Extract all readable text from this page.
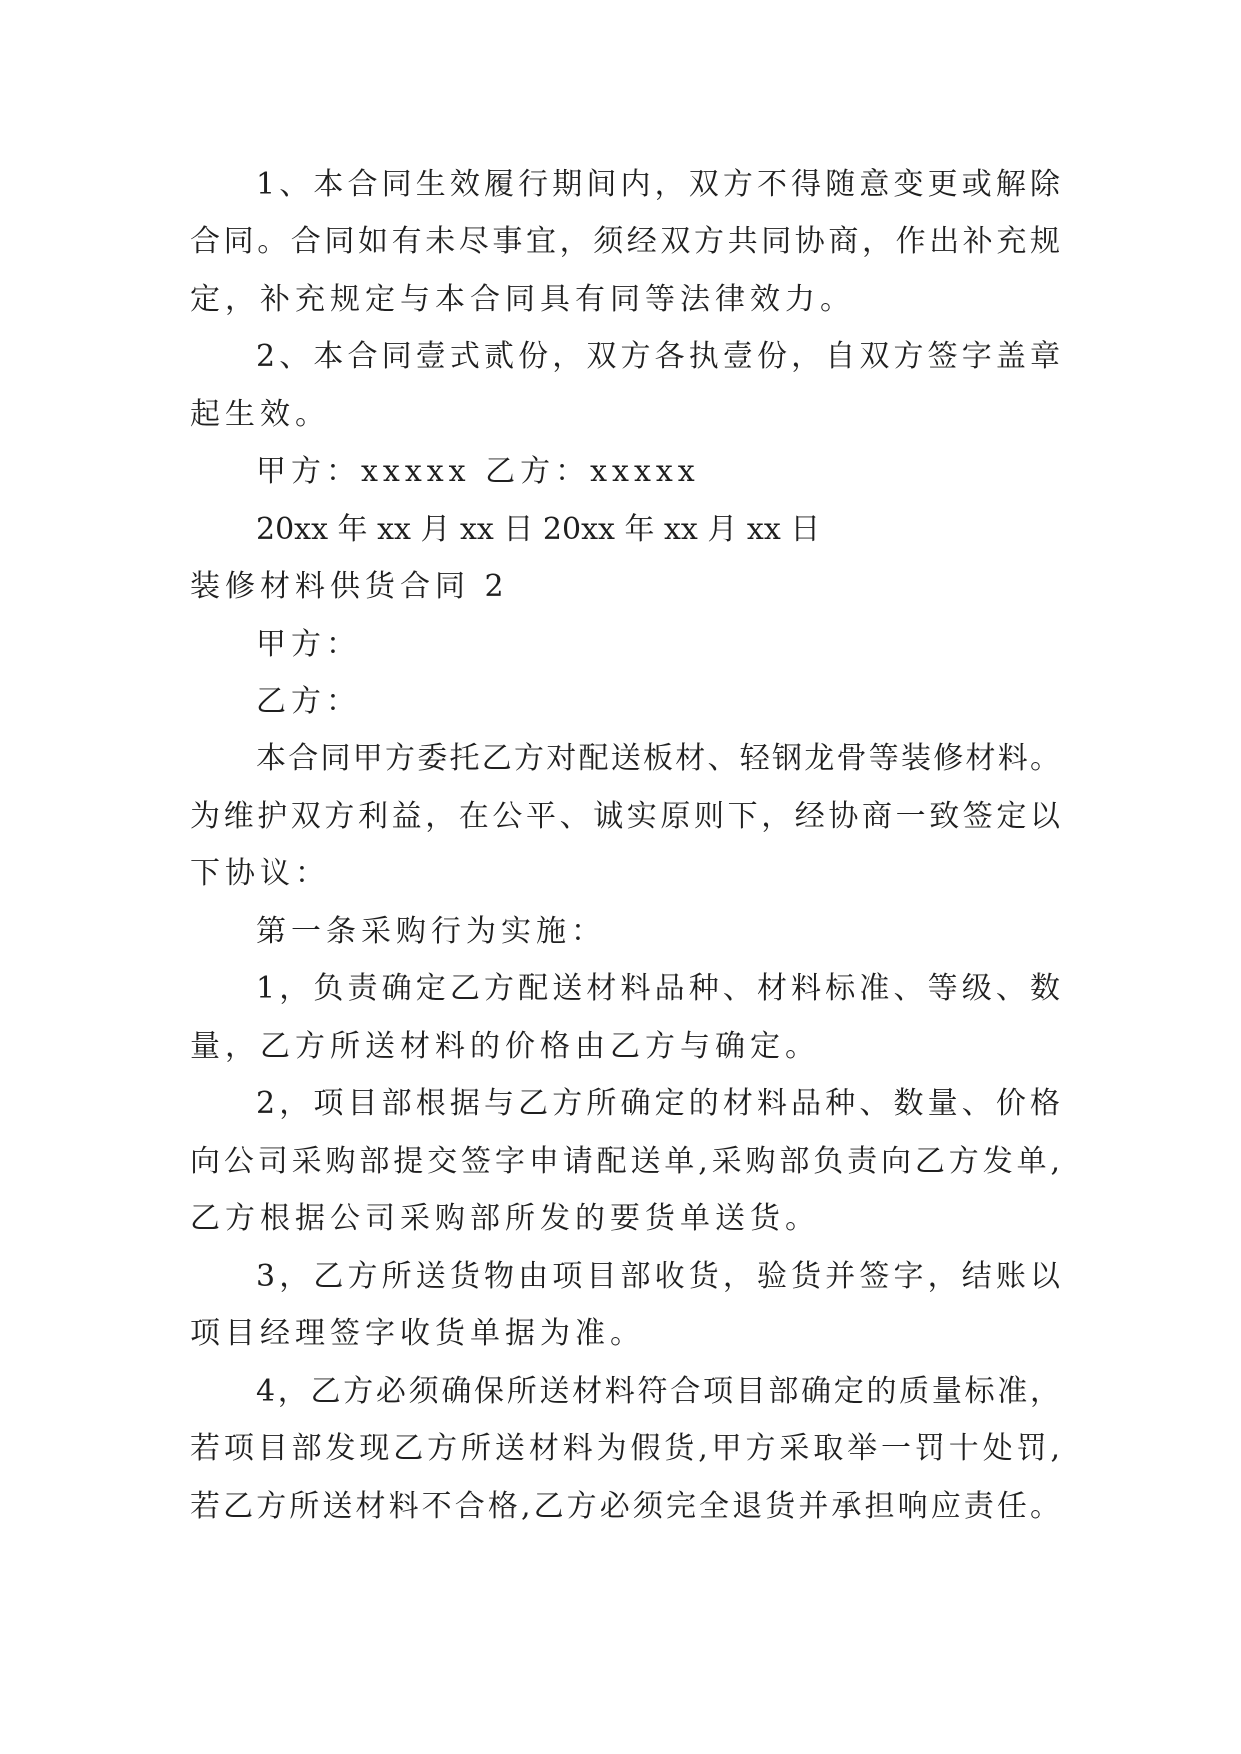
1、本合同生效履行期间内，双方不得随意变更或解除

合同。合同如有未尽事宜，须经双方共同协商，作出补充规

定，补充规定与本合同具有同等法律效力。

2、本合同壹式贰份，双方各执壹份，自双方签字盖章

起生效。

甲方：xxxxx 乙方：xxxxx

20xx 年 xx 月 xx 日 20xx 年 xx 月 xx 日

装修材料供货合同 2

甲方：

乙方：

本合同甲方委托乙方对配送板材、轻钢龙骨等装修材料。

为维护双方利益，在公平、诚实原则下，经协商一致签定以

下协议：

第一条采购行为实施：

1，负责确定乙方配送材料品种、材料标准、等级、数

量，乙方所送材料的价格由乙方与确定。

2，项目部根据与乙方所确定的材料品种、数量、价格

向公司采购部提交签字申请配送单,采购部负责向乙方发单,

乙方根据公司采购部所发的要货单送货。

3，乙方所送货物由项目部收货，验货并签字，结账以

项目经理签字收货单据为准。

4，乙方必须确保所送材料符合项目部确定的质量标准，

若项目部发现乙方所送材料为假货,甲方采取举一罚十处罚,

若乙方所送材料不合格,乙方必须完全退货并承担响应责任。
